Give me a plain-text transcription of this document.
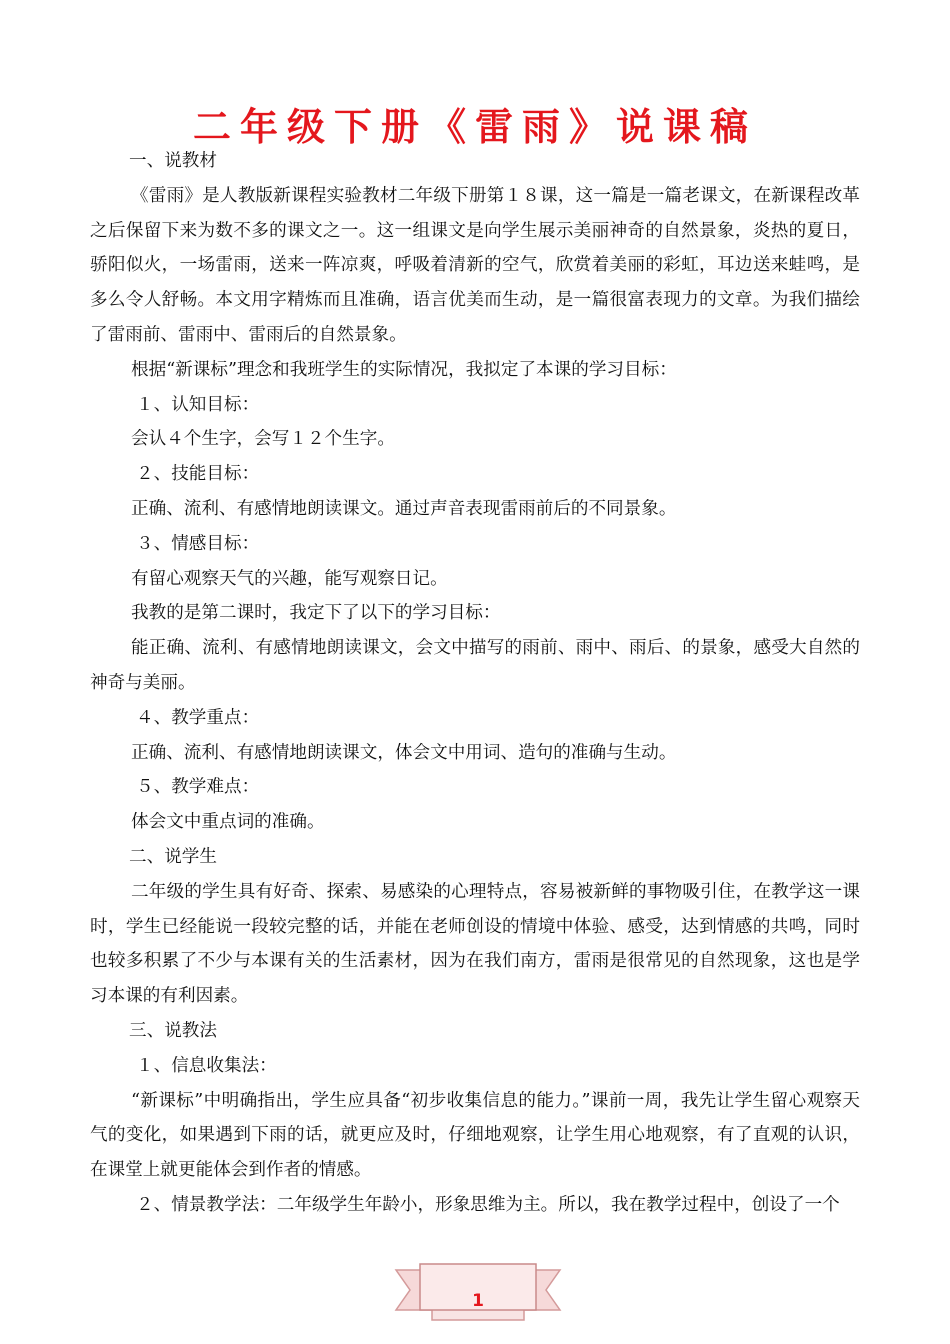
二年级下册《雷雨》说课稿

一、说教材

《雷雨》是人教版新课程实验教材二年级下册第１８课，这一篇是一篇老课文，在新课程改革之后保留下来为数不多的课文之一。这一组课文是向学生展示美丽神奇的自然景象，炎热的夏日，骄阳似火，一场雷雨，送来一阵凉爽，呼吸着清新的空气，欣赏着美丽的彩虹，耳边送来蛙鸣，是多么令人舒畅。本文用字精炼而且准确，语言优美而生动，是一篇很富表现力的文章。为我们描绘了雷雨前、雷雨中、雷雨后的自然景象。

根据“新课标”理念和我班学生的实际情况，我拟定了本课的学习目标：

１、认知目标：

会认４个生字，会写１２个生字。

２、技能目标：

正确、流利、有感情地朗读课文。通过声音表现雷雨前后的不同景象。

３、情感目标：

有留心观察天气的兴趣，能写观察日记。

我教的是第二课时，我定下了以下的学习目标：

能正确、流利、有感情地朗读课文，会文中描写的雨前、雨中、雨后、的景象，感受大自然的神奇与美丽。

４、教学重点：

正确、流利、有感情地朗读课文，体会文中用词、造句的准确与生动。

５、教学难点：

体会文中重点词的准确。

二、说学生

二年级的学生具有好奇、探索、易感染的心理特点，容易被新鲜的事物吸引住，在教学这一课时，学生已经能说一段较完整的话，并能在老师创设的情境中体验、感受，达到情感的共鸣，同时也较多积累了不少与本课有关的生活素材，因为在我们南方，雷雨是很常见的自然现象，这也是学习本课的有利因素。

三、说教法

１、信息收集法：

“新课标”中明确指出，学生应具备“初步收集信息的能力。”课前一周，我先让学生留心观察天气的变化，如果遇到下雨的话，就更应及时，仔细地观察，让学生用心地观察，有了直观的认识，在课堂上就更能体会到作者的情感。

２、情景教学法：二年级学生年龄小，形象思维为主。所以，我在教学过程中，创设了一个

1
